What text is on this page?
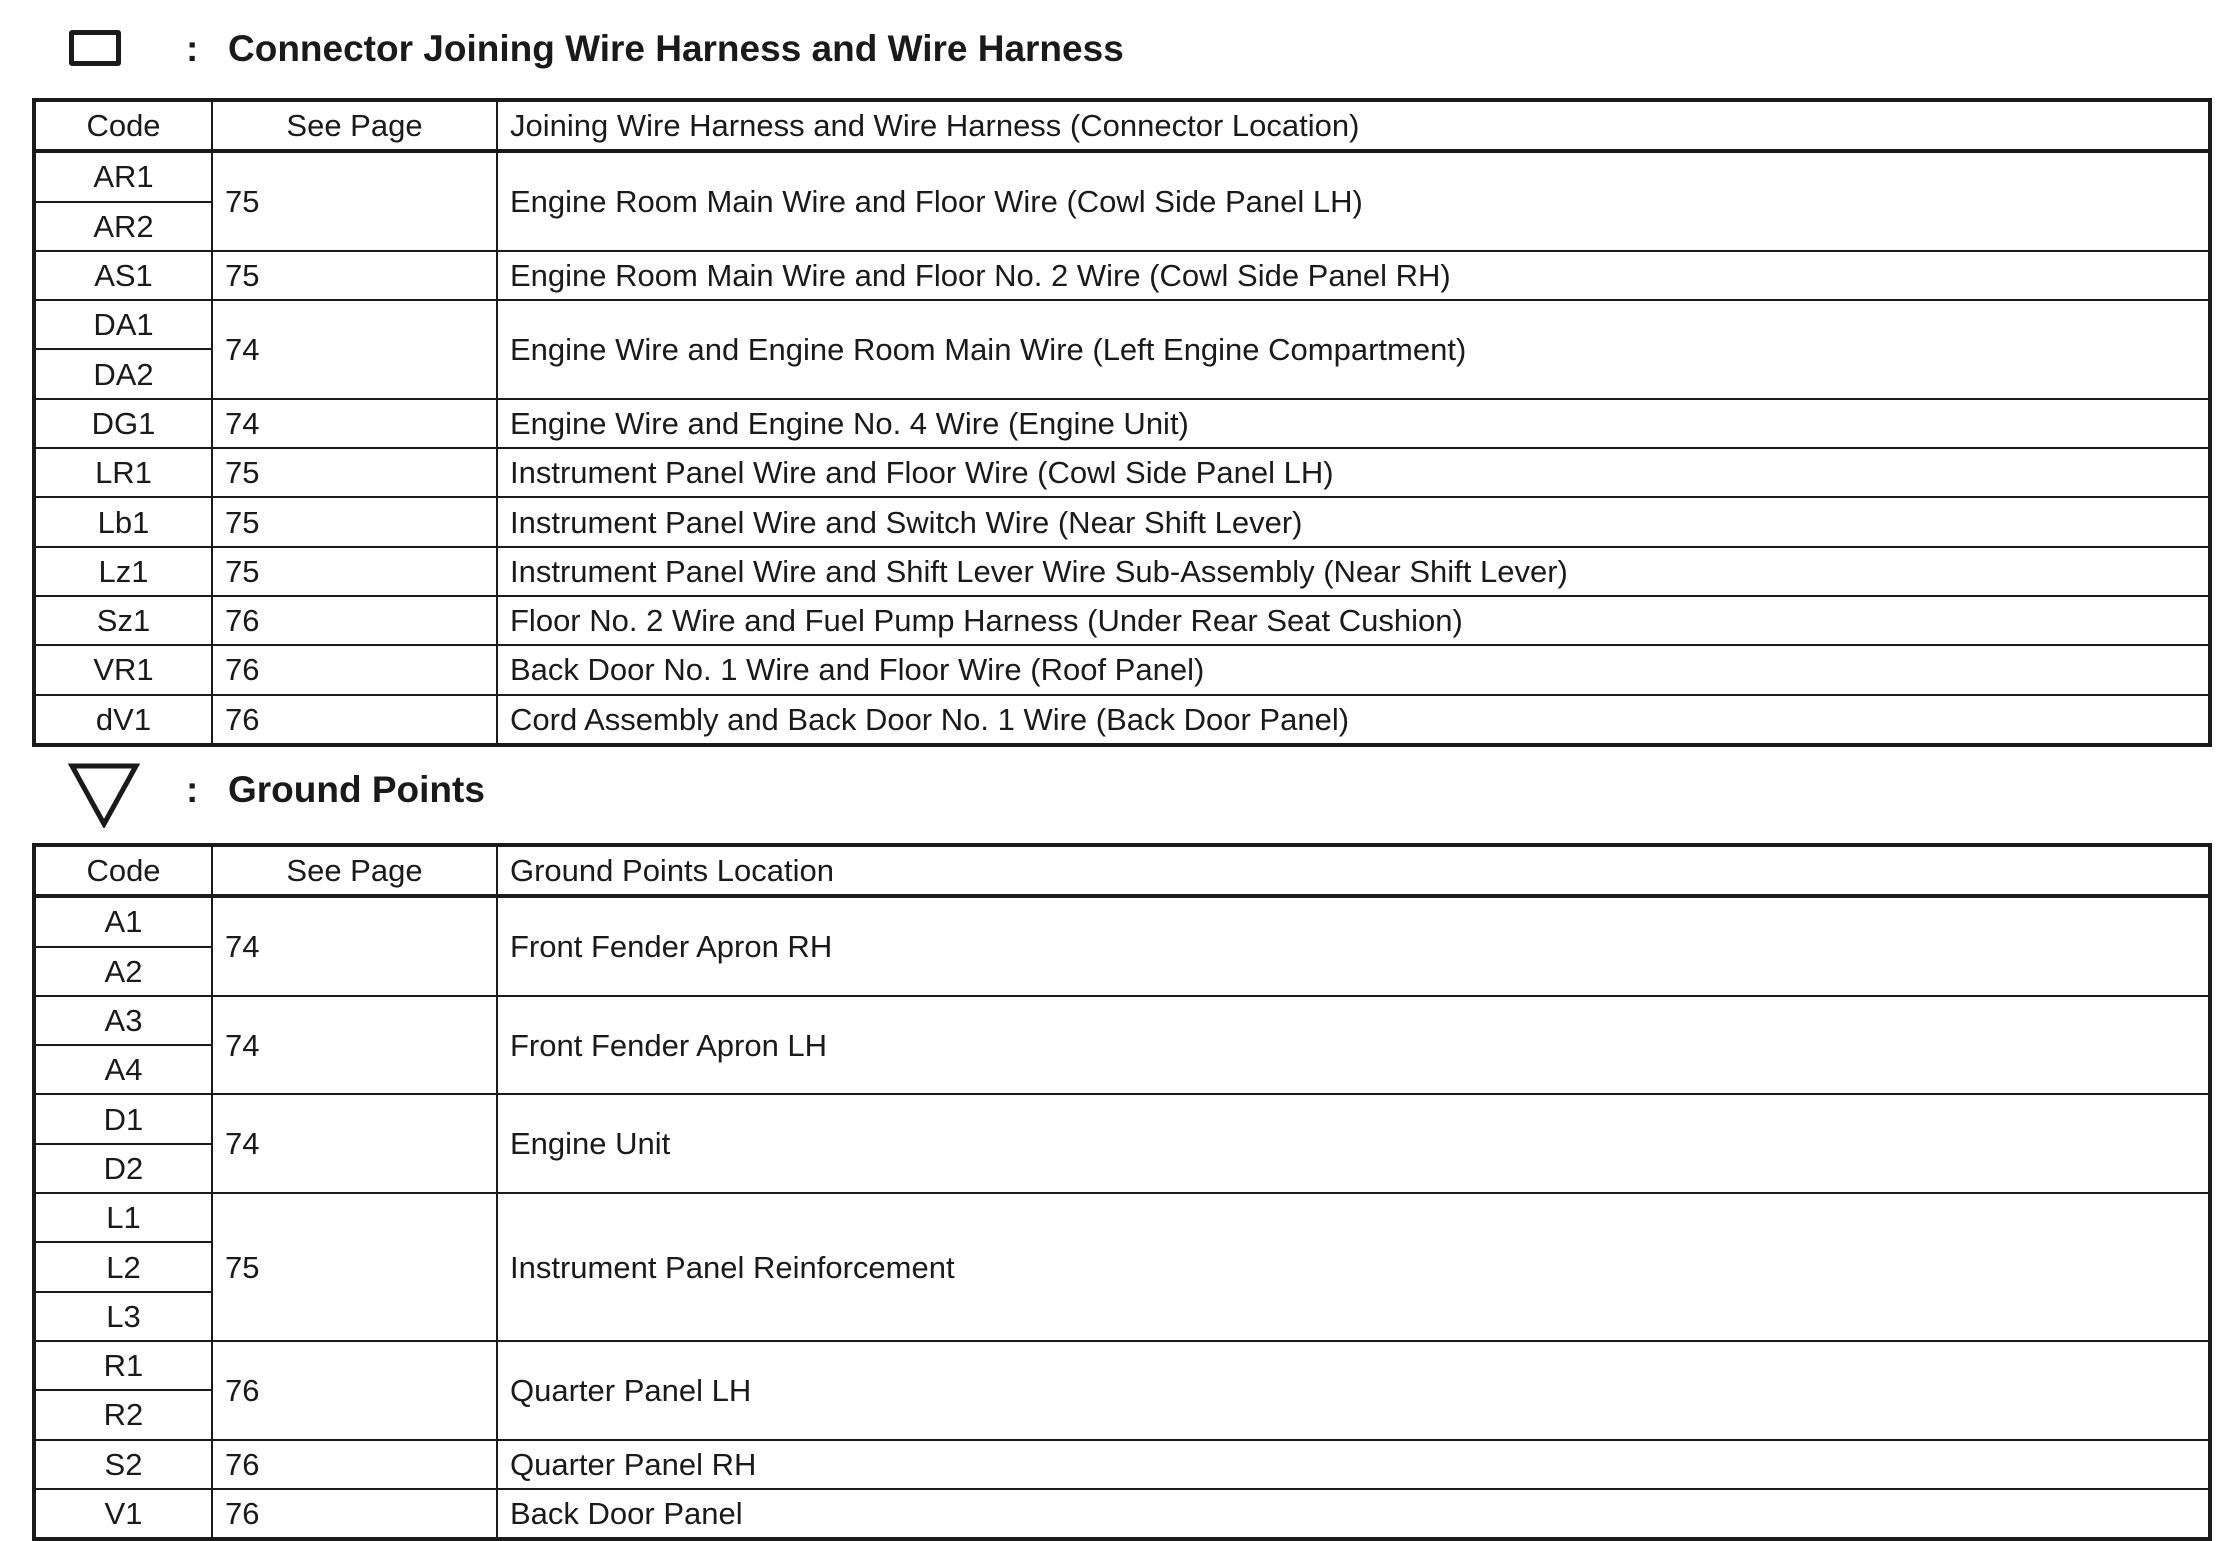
: Connector Joining Wire Harness and Wire Harness
Code	See Page	Joining Wire Harness and Wire Harness (Connector Location)
AR1	75	Engine Room Main Wire and Floor Wire (Cowl Side Panel LH)
AR2		
AS1	75	Engine Room Main Wire and Floor No. 2 Wire (Cowl Side Panel RH)
DA1	74	Engine Wire and Engine Room Main Wire (Left Engine Compartment)
DA2		
DG1	74	Engine Wire and Engine No. 4 Wire (Engine Unit)
LR1	75	Instrument Panel Wire and Floor Wire (Cowl Side Panel LH)
Lb1	75	Instrument Panel Wire and Switch Wire (Near Shift Lever)
Lz1	75	Instrument Panel Wire and Shift Lever Wire Sub-Assembly (Near Shift Lever)
Sz1	76	Floor No. 2 Wire and Fuel Pump Harness (Under Rear Seat Cushion)
VR1	76	Back Door No. 1 Wire and Floor Wire (Roof Panel)
dV1	76	Cord Assembly and Back Door No. 1 Wire (Back Door Panel)
: Ground Points
Code	See Page	Ground Points Location
A1	74	Front Fender Apron RH
A2		
A3	74	Front Fender Apron LH
A4		
D1	74	Engine Unit
D2		
L1	75	Instrument Panel Reinforcement
L2		
L3		
R1	76	Quarter Panel LH
R2		
S2	76	Quarter Panel RH
V1	76	Back Door Panel
